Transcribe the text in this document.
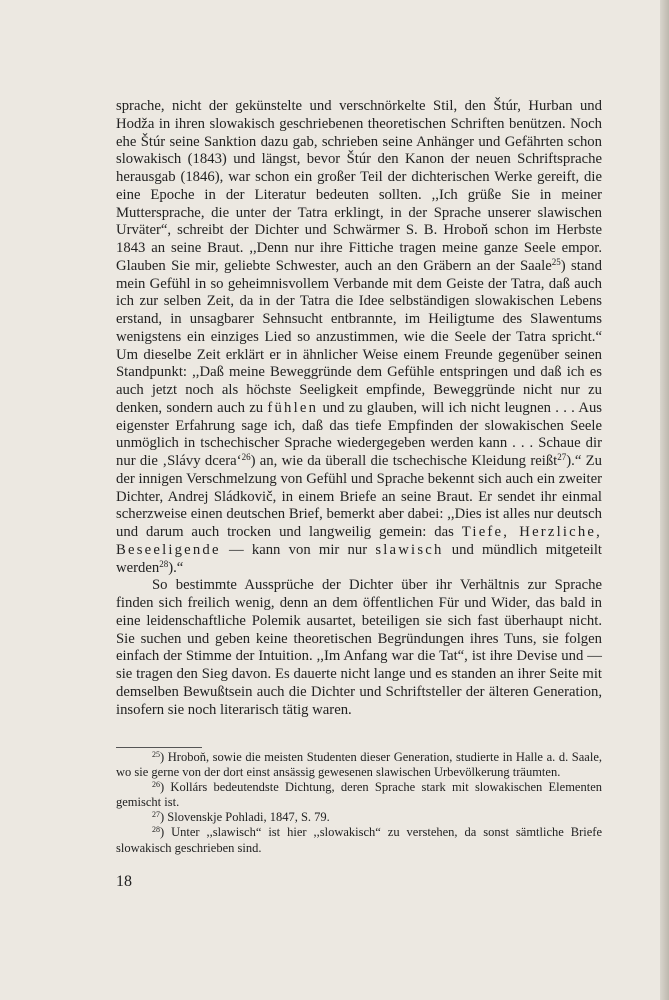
sprache, nicht der gekünstelte und verschnörkelte Stil, den Štúr, Hurban und Hodža in ihren slowakisch geschriebenen theoretischen Schriften benützen. Noch ehe Štúr seine Sanktion dazu gab, schrieben seine Anhänger und Gefährten schon slowakisch (1843) und längst, bevor Štúr den Kanon der neuen Schriftsprache herausgab (1846), war schon ein großer Teil der dichterischen Werke gereift, die eine Epoche in der Literatur bedeuten sollten. ,,Ich grüße Sie in meiner Muttersprache, die unter der Tatra erklingt, in der Sprache unserer slawischen Urväter“, schreibt der Dichter und Schwärmer S. B. Hroboň schon im Herbste 1843 an seine Braut. ,,Denn nur ihre Fittiche tragen meine ganze Seele empor. Glauben Sie mir, geliebte Schwester, auch an den Gräbern an der Saale$^{25}$) stand mein Gefühl in so geheimnisvollem Verbande mit dem Geiste der Tatra, daß auch ich zur selben Zeit, da in der Tatra die Idee selbständigen slowakischen Lebens erstand, in unsagbarer Sehnsucht entbrannte, im Heiligtume des Slawentums wenigstens ein einziges Lied so anzustimmen, wie die Seele der Tatra spricht.“ Um dieselbe Zeit erklärt er in ähnlicher Weise einem Freunde gegenüber seinen Standpunkt: ,,Daß meine Beweggründe dem Gefühle entspringen und daß ich es auch jetzt noch als höchste Seeligkeit empfinde, Beweggründe nicht nur zu denken, sondern auch zu fühlen und zu glauben, will ich nicht leugnen . . . Aus eigenster Erfahrung sage ich, daß das tiefe Empfinden der slowakischen Seele unmöglich in tschechischer Sprache wiedergegeben werden kann . . . Schaue dir nur die ‚Slávy dcera‘$^{26}$) an, wie da überall die tschechische Kleidung reißt$^{27}$).“ Zu der innigen Verschmelzung von Gefühl und Sprache bekennt sich auch ein zweiter Dichter, Andrej Sládkovič, in einem Briefe an seine Braut. Er sendet ihr einmal scherzweise einen deutschen Brief, bemerkt aber dabei: ,,Dies ist alles nur deutsch und darum auch trocken und langweilig gemein: das Tiefe, Herzliche, Beseeligende — kann von mir nur slawisch und mündlich mitgeteilt werden$^{28}$).“

So bestimmte Aussprüche der Dichter über ihr Verhältnis zur Sprache finden sich freilich wenig, denn an dem öffentlichen Für und Wider, das bald in eine leidenschaftliche Polemik ausartet, beteiligen sie sich fast überhaupt nicht. Sie suchen und geben keine theoretischen Begründungen ihres Tuns, sie folgen einfach der Stimme der Intuition. ,,Im Anfang war die Tat“, ist ihre Devise und — sie tragen den Sieg davon. Es dauerte nicht lange und es standen an ihrer Seite mit demselben Bewußtsein auch die Dichter und Schriftsteller der älteren Generation, insofern sie noch literarisch tätig waren.

$^{25}$) Hroboň, sowie die meisten Studenten dieser Generation, studierte in Halle a. d. Saale, wo sie gerne von der dort einst ansässig gewesenen slawischen Urbevölkerung träumten.

$^{26}$) Kollárs bedeutendste Dichtung, deren Sprache stark mit slowakischen Elementen gemischt ist.

$^{27}$) Slovenskje Pohladi, 1847, S. 79.

$^{28}$) Unter ,,slawisch“ ist hier ,,slowakisch“ zu verstehen, da sonst sämtliche Briefe slowakisch geschrieben sind.

18
